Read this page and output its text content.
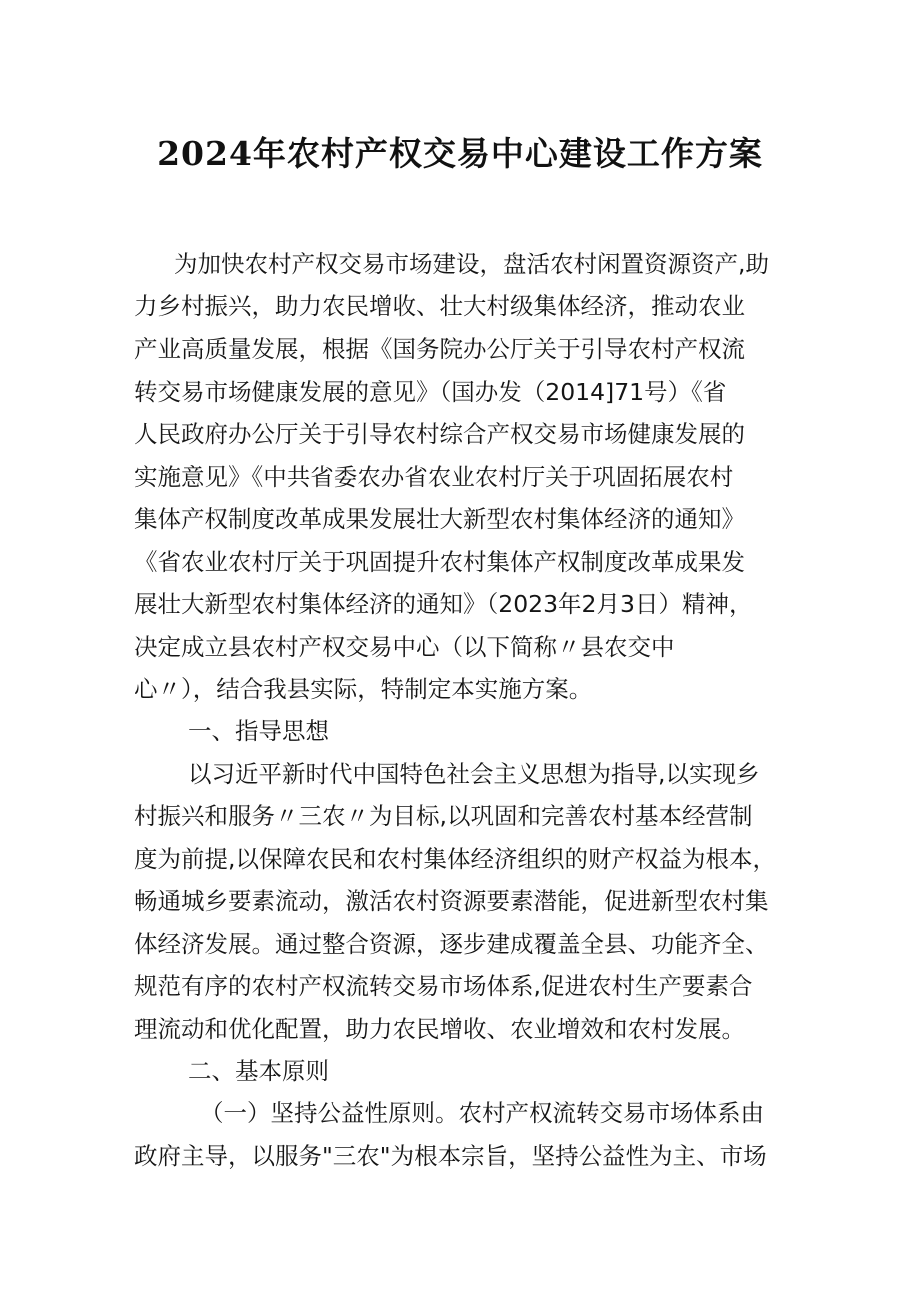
2024年农村产权交易中心建设工作方案
为加快农村产权交易市场建设，盘活农村闲置资源资产,助
力乡村振兴，助力农民增收、壮大村级集体经济，推动农业
产业高质量发展，根据《国务院办公厅关于引导农村产权流
转交易市场健康发展的意见》（国办发（2014]71号）《省
人民政府办公厅关于引导农村综合产权交易市场健康发展的
实施意见》《中共省委农办省农业农村厅关于巩固拓展农村
集体产权制度改革成果发展壮大新型农村集体经济的通知》
《省农业农村厅关于巩固提升农村集体产权制度改革成果发
展壮大新型农村集体经济的通知》（2023年2月3日）精神，
决定成立县农村产权交易中心（以下简称〃县农交中
心〃），结合我县实际，特制定本实施方案。
一、指导思想
以习近平新时代中国特色社会主义思想为指导,以实现乡
村振兴和服务〃三农〃为目标,以巩固和完善农村基本经营制
度为前提,以保障农民和农村集体经济组织的财产权益为根本，
畅通城乡要素流动，激活农村资源要素潜能，促进新型农村集
体经济发展。通过整合资源，逐步建成覆盖全县、功能齐全、
规范有序的农村产权流转交易市场体系,促进农村生产要素合
理流动和优化配置，助力农民增收、农业增效和农村发展。
二、基本原则
（一）坚持公益性原则。农村产权流转交易市场体系由
政府主导，以服务"三农"为根本宗旨，坚持公益性为主、市场
